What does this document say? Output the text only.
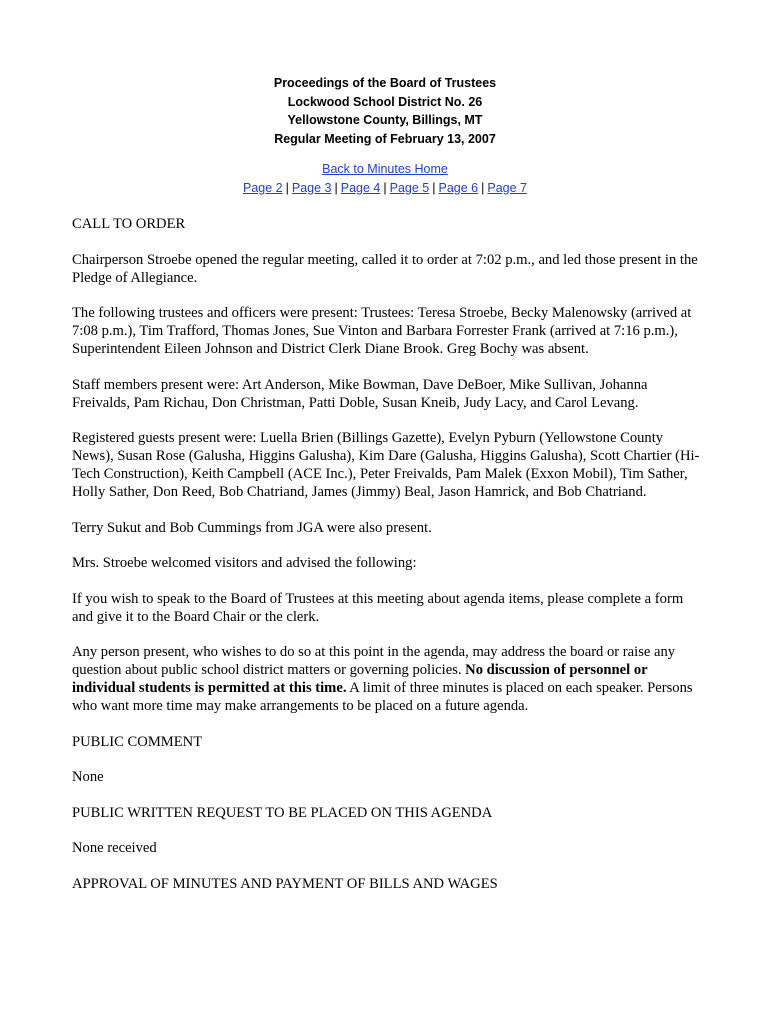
Proceedings of the Board of Trustees
Lockwood School District No. 26
Yellowstone County, Billings, MT
Regular Meeting of February 13, 2007
Back to Minutes Home
Page 2 | Page 3 | Page 4 | Page 5 | Page 6 | Page 7

CALL TO ORDER

Chairperson Stroebe opened the regular meeting, called it to order at 7:02 p.m., and led those present in the Pledge of Allegiance.

The following trustees and officers were present: Trustees: Teresa Stroebe, Becky Malenowsky (arrived at 7:08 p.m.), Tim Trafford, Thomas Jones, Sue Vinton and Barbara Forrester Frank (arrived at 7:16 p.m.), Superintendent Eileen Johnson and District Clerk Diane Brook. Greg Bochy was absent.

Staff members present were: Art Anderson, Mike Bowman, Dave DeBoer, Mike Sullivan, Johanna Freivalds, Pam Richau, Don Christman, Patti Doble, Susan Kneib, Judy Lacy, and Carol Levang.

Registered guests present were: Luella Brien (Billings Gazette), Evelyn Pyburn (Yellowstone County News), Susan Rose (Galusha, Higgins Galusha), Kim Dare (Galusha, Higgins Galusha), Scott Chartier (Hi-Tech Construction), Keith Campbell (ACE Inc.), Peter Freivalds, Pam Malek (Exxon Mobil), Tim Sather, Holly Sather, Don Reed, Bob Chatriand, James (Jimmy) Beal, Jason Hamrick, and Bob Chatriand.

Terry Sukut and Bob Cummings from JGA were also present.

Mrs. Stroebe welcomed visitors and advised the following:

If you wish to speak to the Board of Trustees at this meeting about agenda items, please complete a form and give it to the Board Chair or the clerk.

Any person present, who wishes to do so at this point in the agenda, may address the board or raise any question about public school district matters or governing policies. No discussion of personnel or individual students is permitted at this time. A limit of three minutes is placed on each speaker. Persons who want more time may make arrangements to be placed on a future agenda.

PUBLIC COMMENT

None

PUBLIC WRITTEN REQUEST TO BE PLACED ON THIS AGENDA

None received

APPROVAL OF MINUTES AND PAYMENT OF BILLS AND WAGES
